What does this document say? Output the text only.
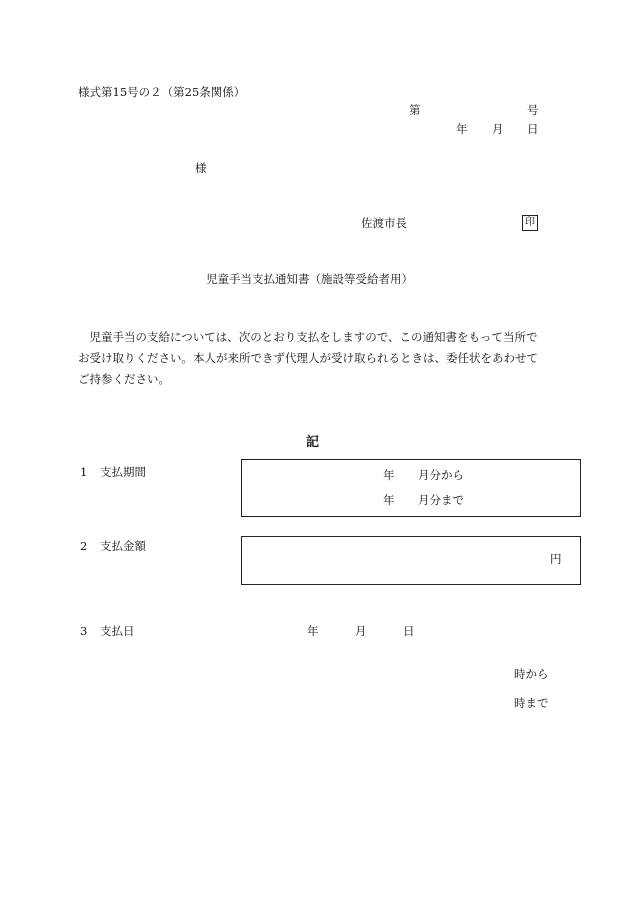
様式第15号の２（第25条関係）
第	号
年 月 日
様
佐渡市長	印
児童手当支払通知書（施設等受給者用）

児童手当の支給については、次のとおり支払をしますので、この通知書をもって当所で

お受け取りください。本人が来所できず代理人が受け取られるときは、委任状をあわせて

ご持参ください。

記
1 支払期間	年 月分から
年 月分まで
2 支払金額
円
3 支払日	年	月	日
時から
時まで
